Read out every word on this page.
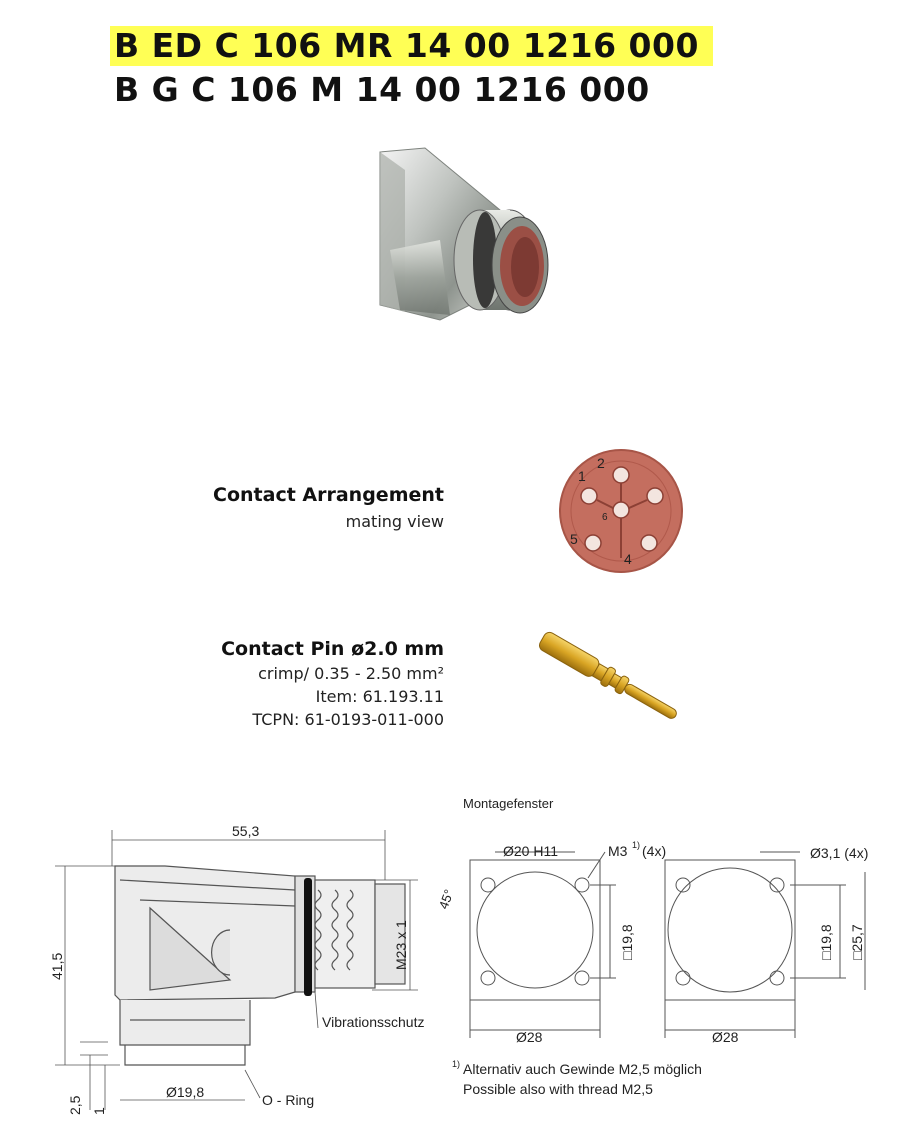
B ED C 106 MR 14 00 1216 000
B G C 106 M 14 00 1216 000
Contact Arrangement
mating view
1
2
5
4
6
Contact Pin ø2.0 mm
crimp/ 0.35 - 2.50 mm²
Item: 61.193.11
TCPN: 61-0193-011-000
55,3
41,5	M23 x 1
Vibrationsschutz
Ø19,8	O - Ring
2,5 1
Montagefenster
Ø20 H11	M3 1) (4x)
45°
□19,8
Ø28
Ø3,1 (4x)
□19,8 □25,7
Ø28
1) Alternativ auch Gewinde M2,5 möglich
Possible also with thread M2,5
